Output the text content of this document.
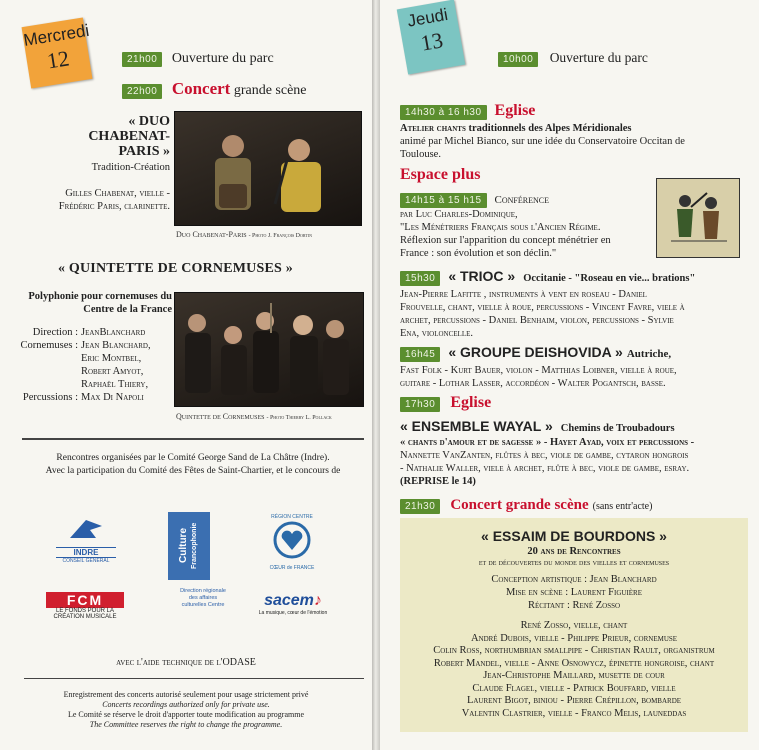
Mercredi
12	21h00 Ouverture du parc
22h00 Concert grande scène
« DUO CHABENAT-PARIS »
Tradition-Création
Gilles Chabenat, vielle -
Frédéric Paris, clarinette.
Duo Chabenat-Paris - Photo J. François Dortin
« QUINTETTE DE CORNEMUSES »
Polyphonie pour cornemuses du Centre de la France
Direction : JeanBlanchard
Cornemuses : Jean Blanchard,
Eric Montbel,
Robert Amyot,
Raphaël Thiery,
Percussions : Max Di Napoli
Quintette de Cornemuses - Photo Thierry L. Pollack
Rencontres organisées par le Comité George Sand de La Châtre (Indre).
Avec la participation du Comité des Fêtes de Saint-Chartier, et le concours de
INDRE
CONSEIL GENERAL	Culture Francophonie
RÉGION CENTRE
CŒUR de FRANCE
FCM
LE FONDS POUR LA
CRÉATION MUSICALE
Direction régionale des affaires culturelles Centre	sacem♪
La musique, cœur de l'émotion
avec l'aide technique de l'ODASE
Enregistrement des concerts autorisé seulement pour usage strictement privé
Concerts recordings authorized only for private use.
Le Comité se réserve le droit d'apporter toute modification au programme
The Committee reserves the right to change the programme.
Jeudi
13
10h00 Ouverture du parc
14h30 à 16 h30 Eglise
Atelier chants traditionnels des Alpes Méridionales
animé par Michel Bianco, sur une idée du Conservatoire Occitan de
Toulouse.
Espace plus
14h15 à 15 h15 Conférence
par Luc Charles-Dominique,
"Les Ménétriers Français sous l'Ancien Régime.
Réflexion sur l'apparition du concept ménétrier en
France : son évolution et son déclin."
15h30 « TRIOC » Occitanie - "Roseau en vie... brations"
Jean-Pierre Lafitte , instruments à vent en roseau - Daniel
Frouvelle, chant, vielle à roue, percussions - Vincent Favre, viele à
archet, percussions - Daniel Benhaim, violon, percussions - Sylvie
Ena, violoncelle.
16h45 « GROUPE DEISHOVIDA » Autriche,
Fast Folk - Kurt Bauer, violon - Matthias Loibner, vielle à roue,
guitare - Lothar Lasser, accordéon - Walter Pogantsch, basse.
17h30 Eglise
« ENSEMBLE WAYAL » Chemins de Troubadours
« chants d'amour et de sagesse » - Hayet Ayad, voix et percussions -
Nannette VanZanten, flûtes à bec, viole de gambe, cytaron hongrois
- Nathalie Waller, viele à archet, flûte à bec, viole de gambe, esray.
(REPRISE le 14)
21h30 Concert grande scène (sans entr'acte)
« ESSAIM DE BOURDONS »
20 ans de Rencontres
et de découvertes du monde des vielles et cornemuses
Conception artistique : Jean Blanchard
Mise en scène : Laurent Figuière
Récitant : René Zosso
René Zosso, vielle, chant
André Dubois, vielle - Philippe Prieur, cornemuse
Colin Ross, northumbrian smallpipe - Christian Rault, organistrum
Robert Mandel, vielle - Anne Osnowycz, épinette hongroise, chant
Jean-Christophe Maillard, musette de cour
Claude Flagel, vielle - Patrick Bouffard, vielle
Laurent Bigot, biniou - Pierre Crépillon, bombarde
Valentin Clastrier, vielle - Franco Melis, launeddas
